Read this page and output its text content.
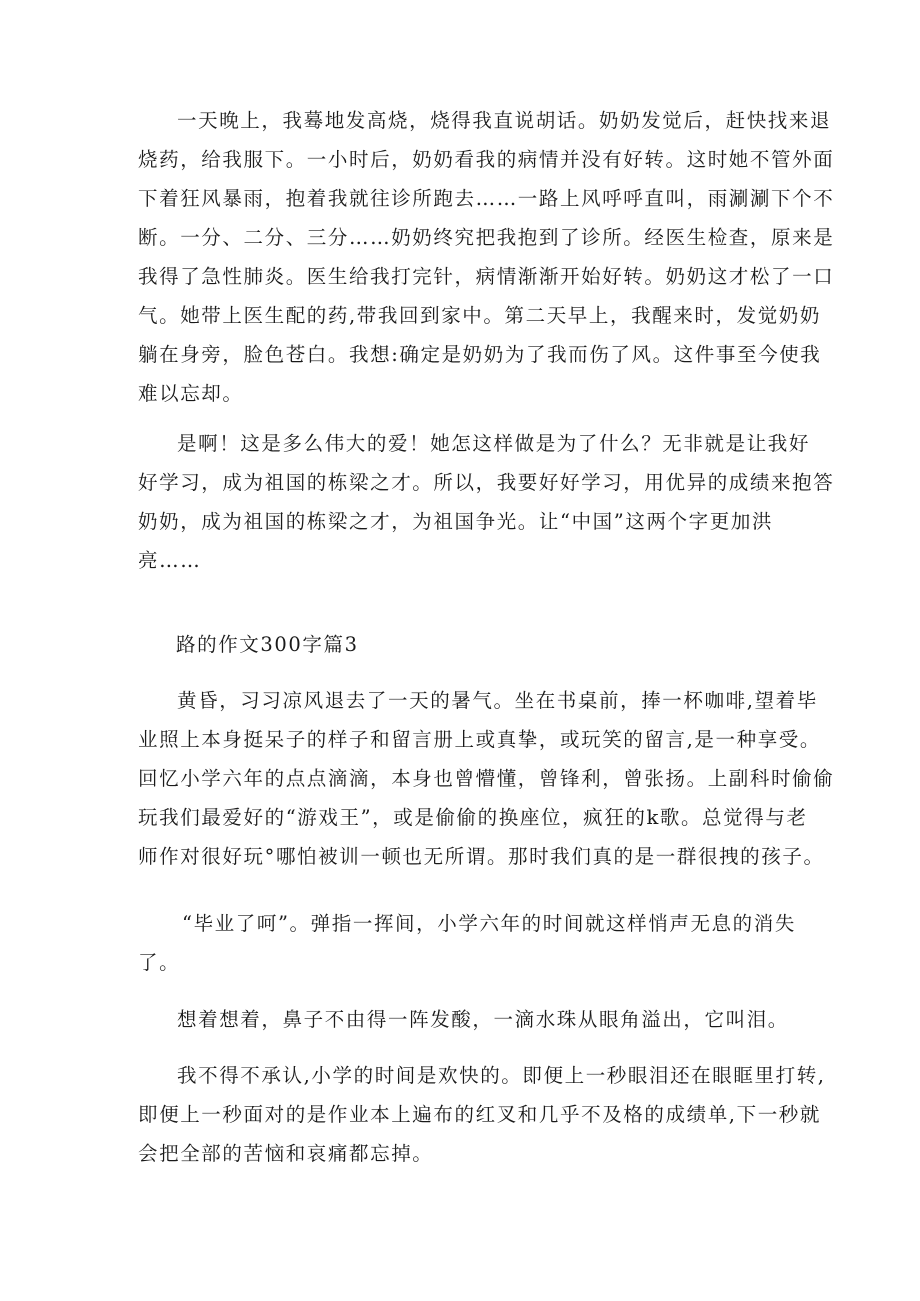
一天晚上，我蓦地发高烧，烧得我直说胡话。奶奶发觉后，赶快找来退
烧药，给我服下。一小时后，奶奶看我的病情并没有好转。这时她不管外面
下着狂风暴雨，抱着我就往诊所跑去……一路上风呼呼直叫，雨涮涮下个不
断。一分、二分、三分……奶奶终究把我抱到了诊所。经医生检查，原来是
我得了急性肺炎。医生给我打完针，病情渐渐开始好转。奶奶这才松了一口
气。她带上医生配的药,带我回到家中。第二天早上，我醒来时，发觉奶奶
躺在身旁，脸色苍白。我想:确定是奶奶为了我而伤了风。这件事至今使我
难以忘却。

是啊！这是多么伟大的爱！她怎这样做是为了什么？无非就是让我好
好学习，成为祖国的栋梁之才。所以，我要好好学习，用优异的成绩来抱答
奶奶，成为祖国的栋梁之才，为祖国争光。让“中国”这两个字更加洪
亮……

路的作文300字篇3

黄昏，习习凉风退去了一天的暑气。坐在书桌前，捧一杯咖啡,望着毕
业照上本身挺呆子的样子和留言册上或真挚，或玩笑的留言,是一种享受。
回忆小学六年的点点滴滴，本身也曾懵懂，曾锋利，曾张扬。上副科时偷偷
玩我们最爱好的“游戏王”，或是偷偷的换座位，疯狂的k歌。总觉得与老
师作对很好玩°哪怕被训一顿也无所谓。那时我们真的是一群很拽的孩子。

“毕业了呵”。弹指一挥间，小学六年的时间就这样悄声无息的消失
了。

想着想着，鼻子不由得一阵发酸，一滴水珠从眼角溢出，它叫泪。

我不得不承认,小学的时间是欢快的。即便上一秒眼泪还在眼眶里打转,
即便上一秒面对的是作业本上遍布的红叉和几乎不及格的成绩单,下一秒就
会把全部的苦恼和哀痛都忘掉。
